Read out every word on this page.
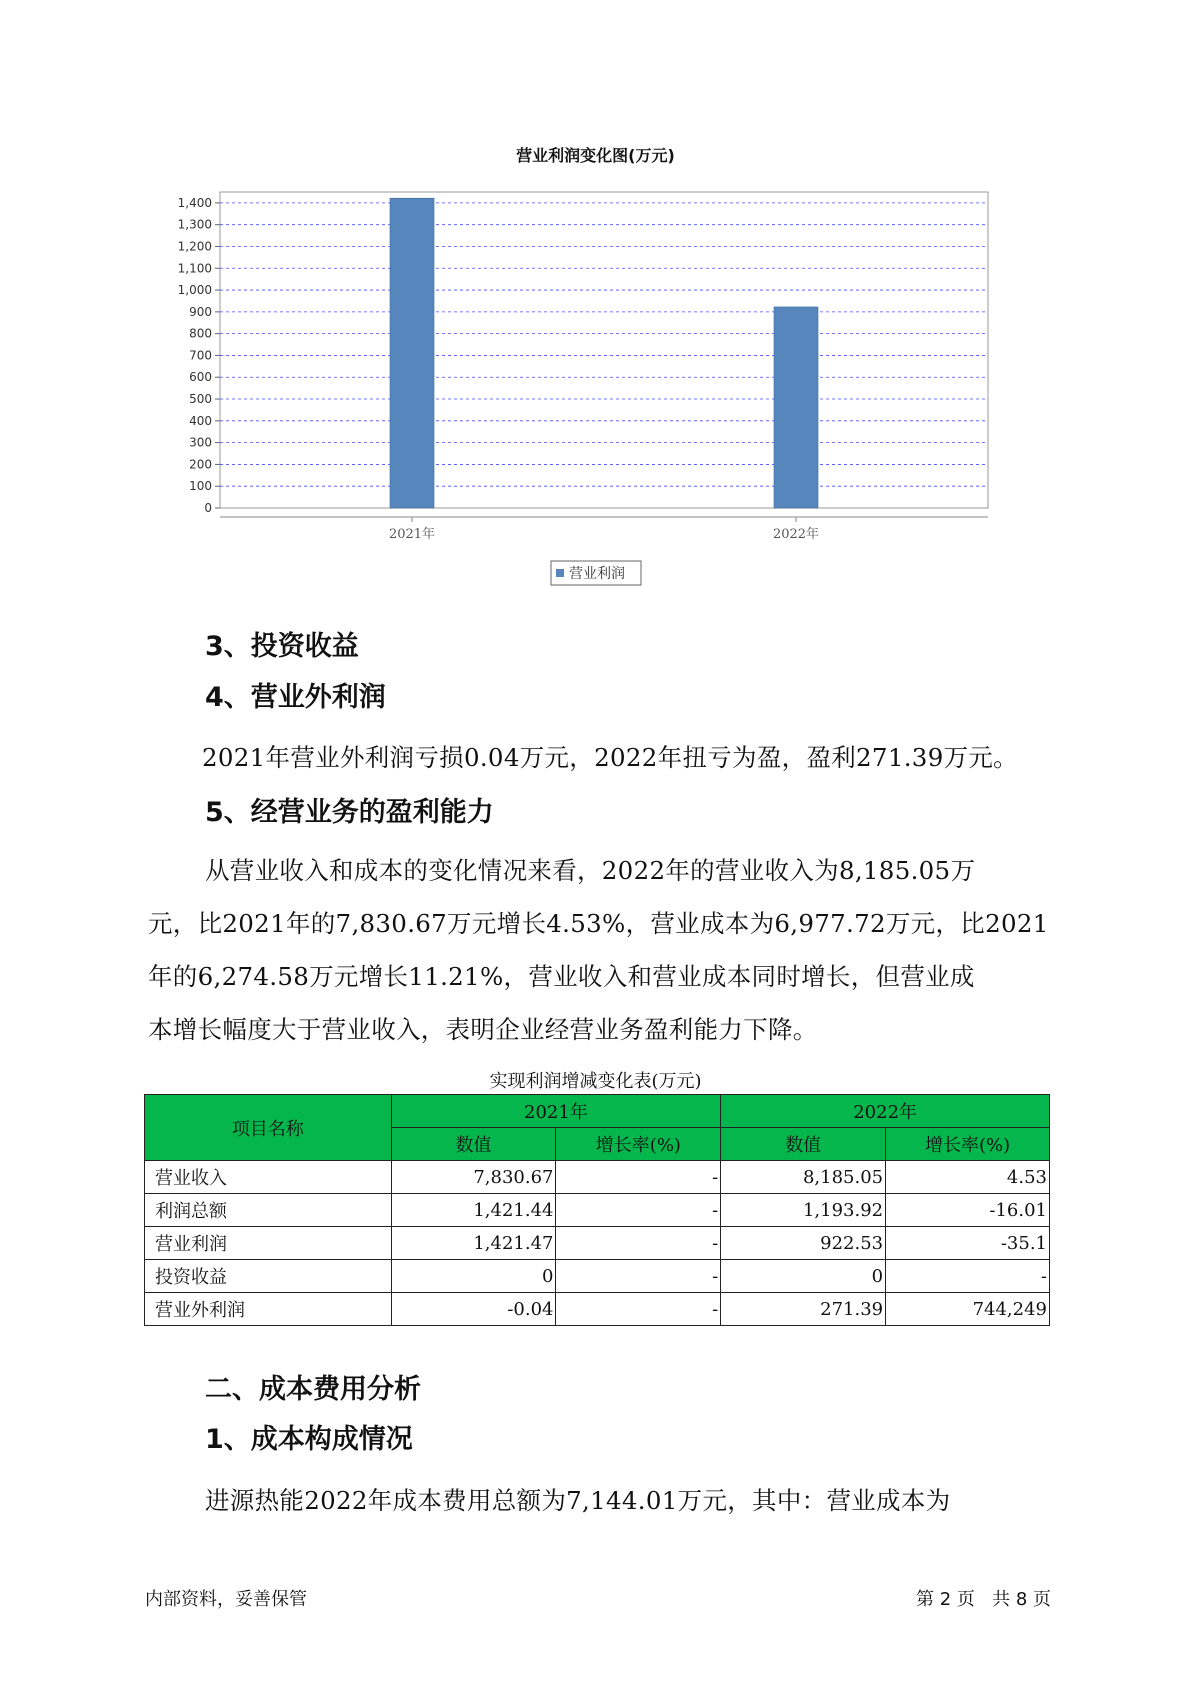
营业利润变化图(万元)
0
100
200
300
400
500
600
700
800
900
1,000
1,100
1,200
1,300
1,400
2021年	2022年
营业利润
3、投资收益
4、营业外利润
2021年营业外利润亏损0.04万元，2022年扭亏为盈，盈利271.39万元。
5、经营业务的盈利能力
从营业收入和成本的变化情况来看，2022年的营业收入为8,185.05万
元，比2021年的7,830.67万元增长4.53%，营业成本为6,977.72万元，比2021
年的6,274.58万元增长11.21%，营业收入和营业成本同时增长，但营业成
本增长幅度大于营业收入，表明企业经营业务盈利能力下降。
实现利润增减变化表(万元)
项目名称	2021年		2022年	
	数值	增长率(%)	数值	增长率(%)
营业收入	7,830.67	-	8,185.05	4.53
利润总额	1,421.44	-	1,193.92	-16.01
营业利润	1,421.47	-	922.53	-35.1
投资收益	0	-	0	-
营业外利润	-0.04	-	271.39	744,249
二、成本费用分析
1、成本构成情况
进源热能2022年成本费用总额为7,144.01万元，其中：营业成本为
内部资料，妥善保管	第 2 页   共 8 页
